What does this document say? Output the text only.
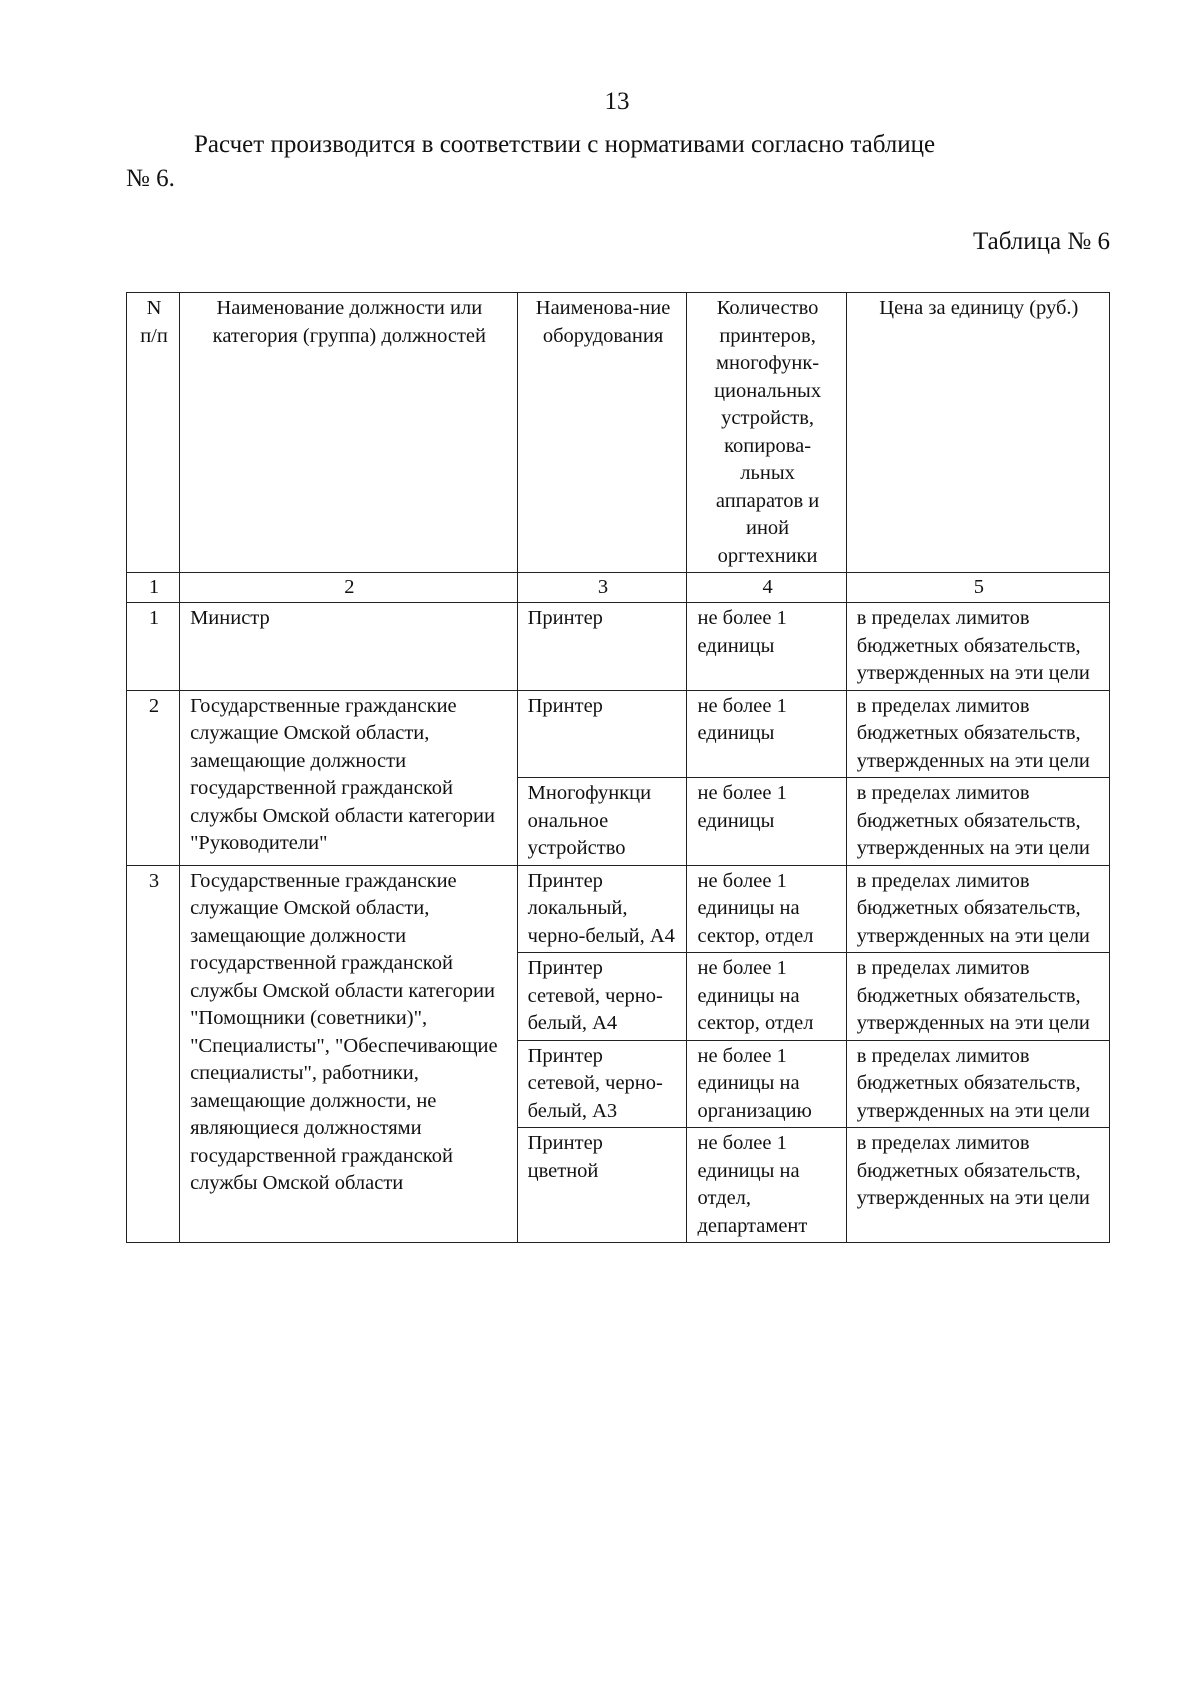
13
Расчет производится в соответствии с нормативами согласно таблице
№ 6.
Таблица № 6
N п/п	Наименование должности или категория (группа) должностей	Наименова-ние оборудования	Количество принтеров, многофунк-циональных устройств, копирова-льных аппаратов и иной оргтехники	Цена за единицу (руб.)
1	2	3	4	5
1	Министр	Принтер	не более 1 единицы	в пределах лимитов бюджетных обязательств, утвержденных на эти цели
2	Государственные гражданские служащие Омской области, замещающие должности государственной гражданской службы Омской области категории "Руководители"	Принтер	не более 1 единицы	в пределах лимитов бюджетных обязательств, утвержденных на эти цели
		Многофункци ональное устройство	не более 1 единицы	в пределах лимитов бюджетных обязательств, утвержденных на эти цели
3	Государственные гражданские служащие Омской области, замещающие должности государственной гражданской службы Омской области категории "Помощники (советники)", "Специалисты", "Обеспечивающие специалисты", работники, замещающие должности, не являющиеся должностями государственной гражданской службы Омской области	Принтер локальный, черно-белый, А4	не более 1 единицы на сектор, отдел	в пределах лимитов бюджетных обязательств, утвержденных на эти цели
		Принтер сетевой, черно-белый, А4	не более 1 единицы на сектор, отдел	в пределах лимитов бюджетных обязательств, утвержденных на эти цели
		Принтер сетевой, черно-белый, А3	не более 1 единицы на организацию	в пределах лимитов бюджетных обязательств, утвержденных на эти цели
		Принтер цветной	не более 1 единицы на отдел, департамент	в пределах лимитов бюджетных обязательств, утвержденных на эти цели
